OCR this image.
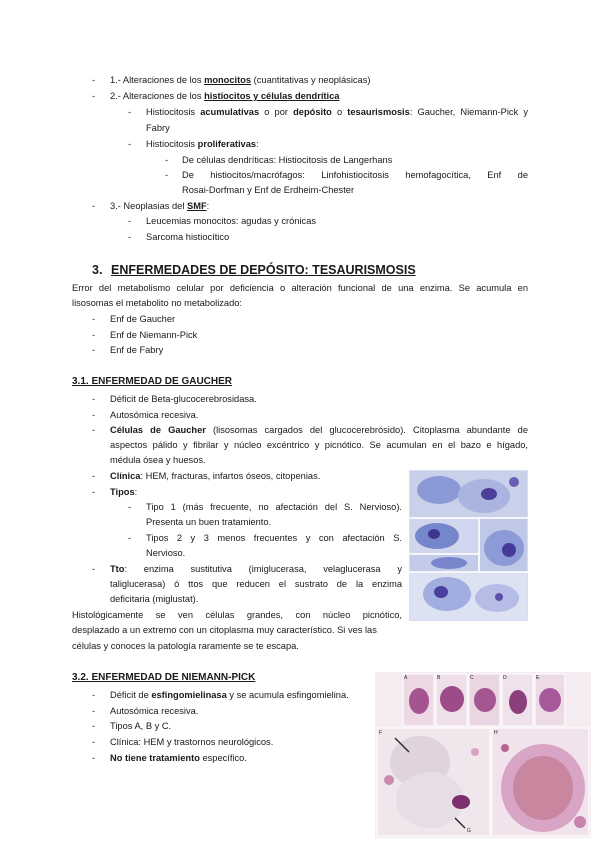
- 1.- Alteraciones de los monocitos (cuantitativas y neoplásicas)
- 2.- Alteraciones de los histiocitos y células dendrítica
- Histiocitosis acumulativas o por depósito o tesaurismosis: Gaucher, Niemann-Pick y
Fabry
- Histiocitosis proliferativas:
- De células dendríticas: Histiocitosis de Langerhans
- De histiocitos/macrófagos: Linfohistiocitosis hemofagocítica, Enf de
Rosai-Dorfman y Enf de Erdheim-Chester
- 3.- Neoplasias del SMF:
- Leucemias monocitos: agudas y crónicas
- Sarcoma histiocítico
3. ENFERMEDADES DE DEPÓSITO: TESAURISMOSIS
Error del metabolismo celular por deficiencia o alteración funcional de una enzima. Se acumula en
lisosomas el metabolito no metabolizado:
- Enf de Gaucher
- Enf de Niemann-Pick
- Enf de Fabry
3.1. ENFERMEDAD DE GAUCHER
- Déficit de Beta-glucocerebrosidasa.
- Autosómica recesiva.
- Células de Gaucher (lisosomas cargados del glucocerebrósido). Citoplasma abundante de
aspectos pálido y fibrilar y núcleo excéntrico y picnótico. Se acumulan en el bazo e hígado,
médula ósea y huesos.
- Clínica: HEM, fracturas, infartos óseos, citopenias.
- Tipos:
- Tipo 1 (más frecuente, no afectación del S. Nervioso).
Presenta un buen tratamiento.
- Tipos 2 y 3 menos frecuentes y con afectación S.
Nervioso.
- Tto: enzima sustitutiva (imiglucerasa, velaglucerasa y
taliglucerasa) ó ttos que reducen el sustrato de la enzima
deficitaria (miglustat).
Histológicamente se ven células grandes, con núcleo picnótico,
desplazado a un extremo con un citoplasma muy característico. Si ves las
células y conoces la patología raramente se te escapa.
3.2. ENFERMEDAD DE NIEMANN-PICK
- Déficit de esfingomielinasa y se acumula esfingomielina.
- Autosómica recesiva.
- Tipos A, B y C.
- Clínica: HEM y trastornos neurológicos.
- No tiene tratamiento específico.
A	B	C	D	E
F	H
G
